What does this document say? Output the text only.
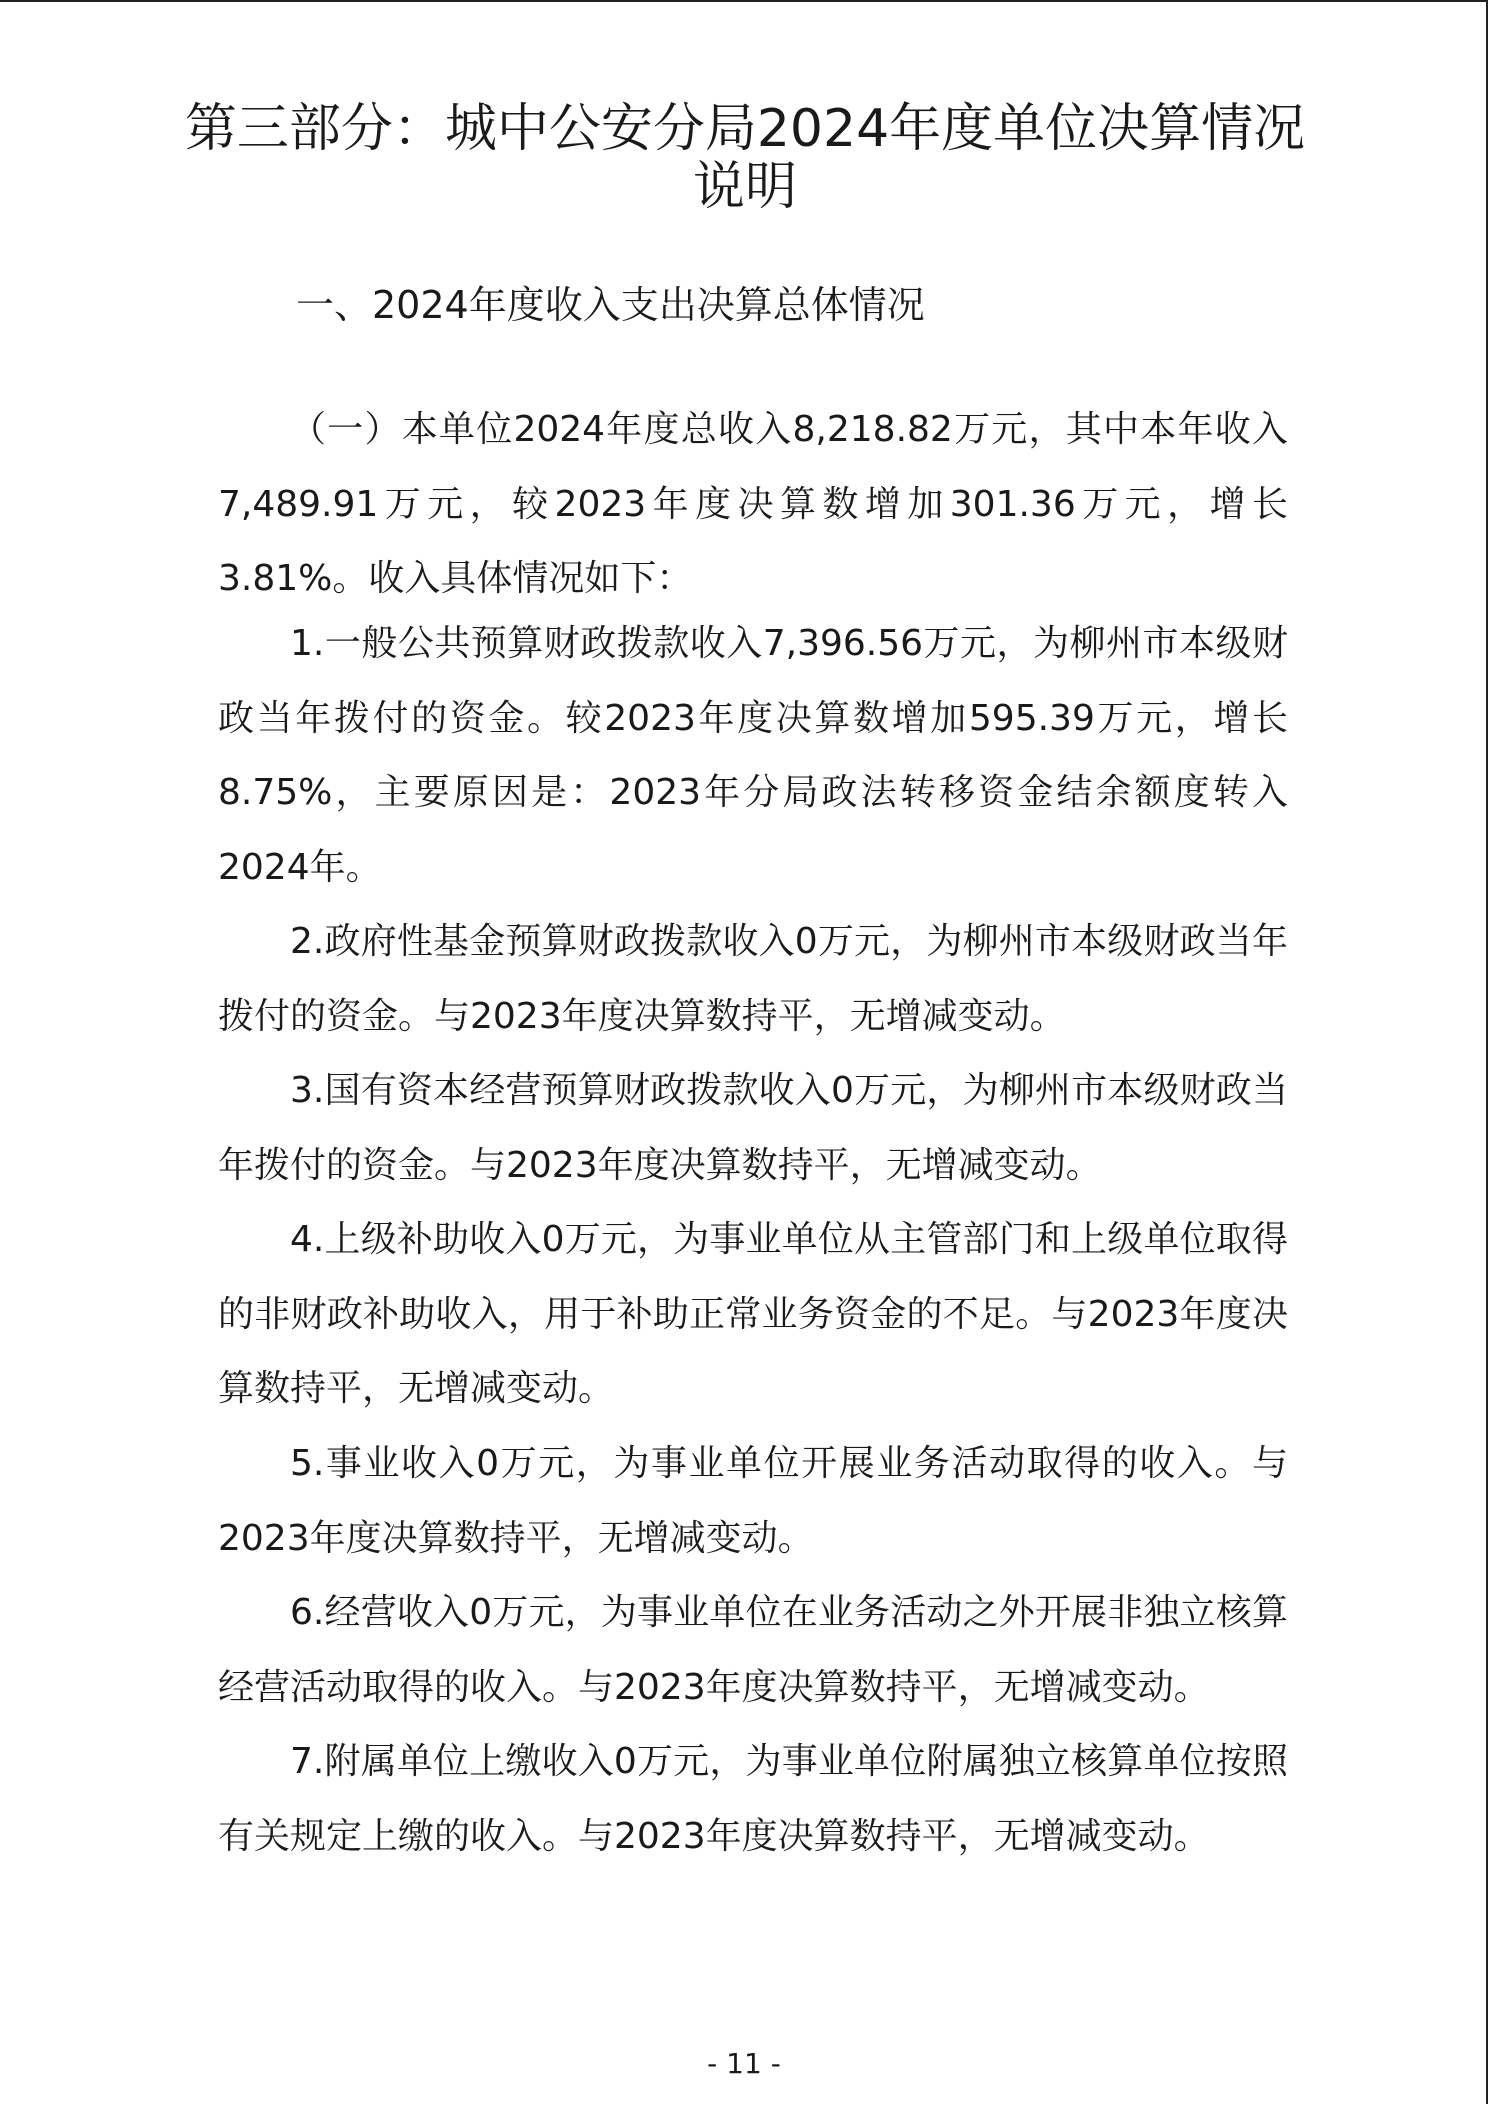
第三部分：城中公安分局2024年度单位决算情况说明

一、2024年度收入支出决算总体情况

（一）本单位2024年度总收入8,218.82万元，其中本年收入7,489.91万元，较2023年度决算数增加301.36万元，增长3.81%。收入具体情况如下：

1.一般公共预算财政拨款收入7,396.56万元，为柳州市本级财政当年拨付的资金。较2023年度决算数增加595.39万元，增长8.75%，主要原因是：2023年分局政法转移资金结余额度转入2024年。

2.政府性基金预算财政拨款收入0万元，为柳州市本级财政当年拨付的资金。与2023年度决算数持平，无增减变动。

3.国有资本经营预算财政拨款收入0万元，为柳州市本级财政当年拨付的资金。与2023年度决算数持平，无增减变动。

4.上级补助收入0万元，为事业单位从主管部门和上级单位取得的非财政补助收入，用于补助正常业务资金的不足。与2023年度决算数持平，无增减变动。

5.事业收入0万元，为事业单位开展业务活动取得的收入。与2023年度决算数持平，无增减变动。

6.经营收入0万元，为事业单位在业务活动之外开展非独立核算经营活动取得的收入。与2023年度决算数持平，无增减变动。

7.附属单位上缴收入0万元，为事业单位附属独立核算单位按照有关规定上缴的收入。与2023年度决算数持平，无增减变动。

- 11 -
